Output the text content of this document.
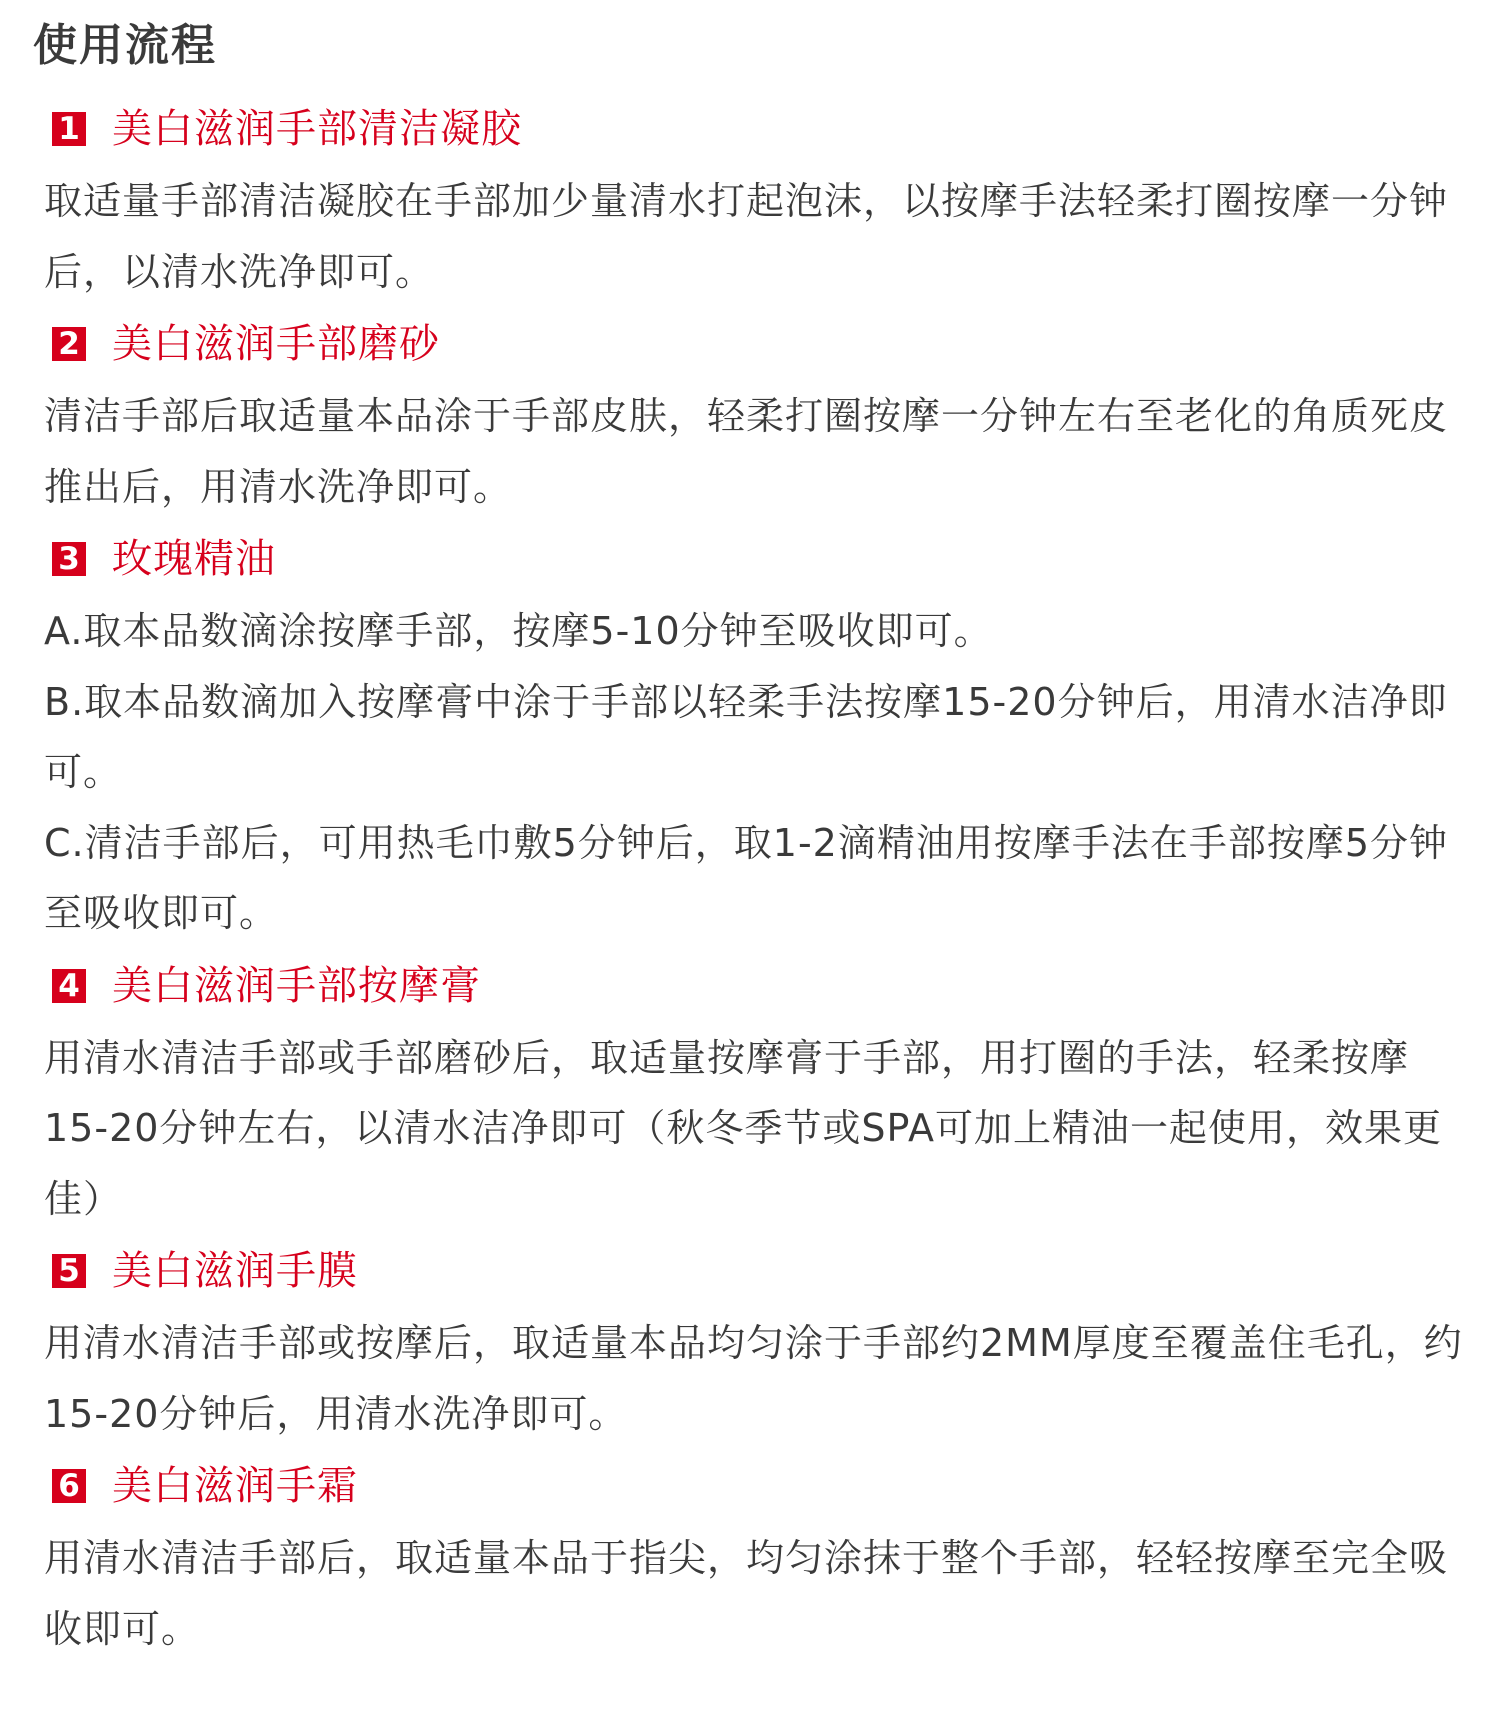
使用流程
1 美白滋润手部清洁凝胶

取适量手部清洁凝胶在手部加少量清水打起泡沫，以按摩手法轻柔打圈按摩一分钟后，以清水洗净即可。

2 美白滋润手部磨砂

清洁手部后取适量本品涂于手部皮肤，轻柔打圈按摩一分钟左右至老化的角质死皮推出后，用清水洗净即可。

3 玫瑰精油

A.取本品数滴涂按摩手部，按摩5-10分钟至吸收即可。

B.取本品数滴加入按摩膏中涂于手部以轻柔手法按摩15-20分钟后，用清水洁净即可。

C.清洁手部后，可用热毛巾敷5分钟后，取1-2滴精油用按摩手法在手部按摩5分钟至吸收即可。

4 美白滋润手部按摩膏

用清水清洁手部或手部磨砂后，取适量按摩膏于手部，用打圈的手法，轻柔按摩15-20分钟左右，以清水洁净即可（秋冬季节或SPA可加上精油一起使用，效果更佳）

5 美白滋润手膜

用清水清洁手部或按摩后，取适量本品均匀涂于手部约2MM厚度至覆盖住毛孔，约15-20分钟后，用清水洗净即可。

6 美白滋润手霜

用清水清洁手部后，取适量本品于指尖，均匀涂抹于整个手部，轻轻按摩至完全吸收即可。
